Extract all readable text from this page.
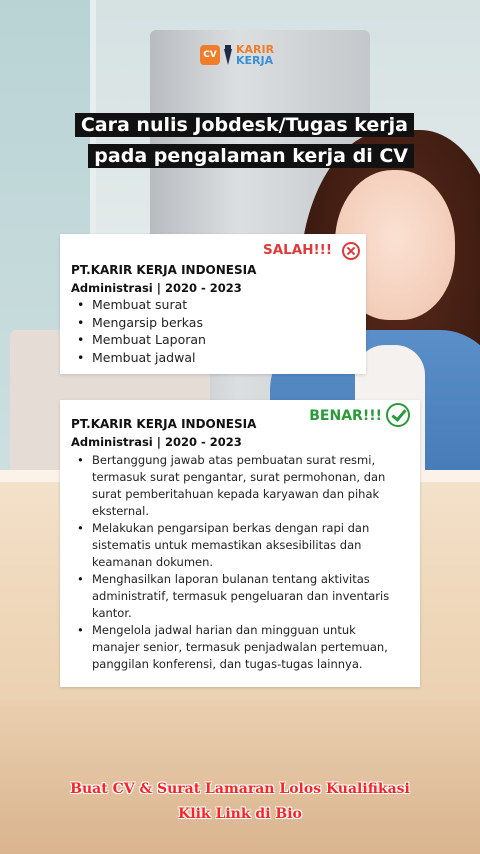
CV KARIR
KERJA
Cara nulis Jobdesk/Tugas kerja pada pengalaman kerja di CV
SALAH!!!
PT.KARIR KERJA INDONESIA
Administrasi | 2020 - 2023
• Membuat surat
• Mengarsip berkas
• Membuat Laporan
• Membuat jadwal
BENAR!!!
PT.KARIR KERJA INDONESIA
Administrasi | 2020 - 2023
• Bertanggung jawab atas pembuatan surat resmi, termasuk surat pengantar, surat permohonan, dan surat pemberitahuan kepada karyawan dan pihak eksternal.
• Melakukan pengarsipan berkas dengan rapi dan sistematis untuk memastikan aksesibilitas dan keamanan dokumen.
• Menghasilkan laporan bulanan tentang aktivitas administratif, termasuk pengeluaran dan inventaris kantor.
• Mengelola jadwal harian dan mingguan untuk manajer senior, termasuk penjadwalan pertemuan, panggilan konferensi, dan tugas-tugas lainnya.
Buat CV & Surat Lamaran Lolos Kualifikasi
Klik Link di Bio
